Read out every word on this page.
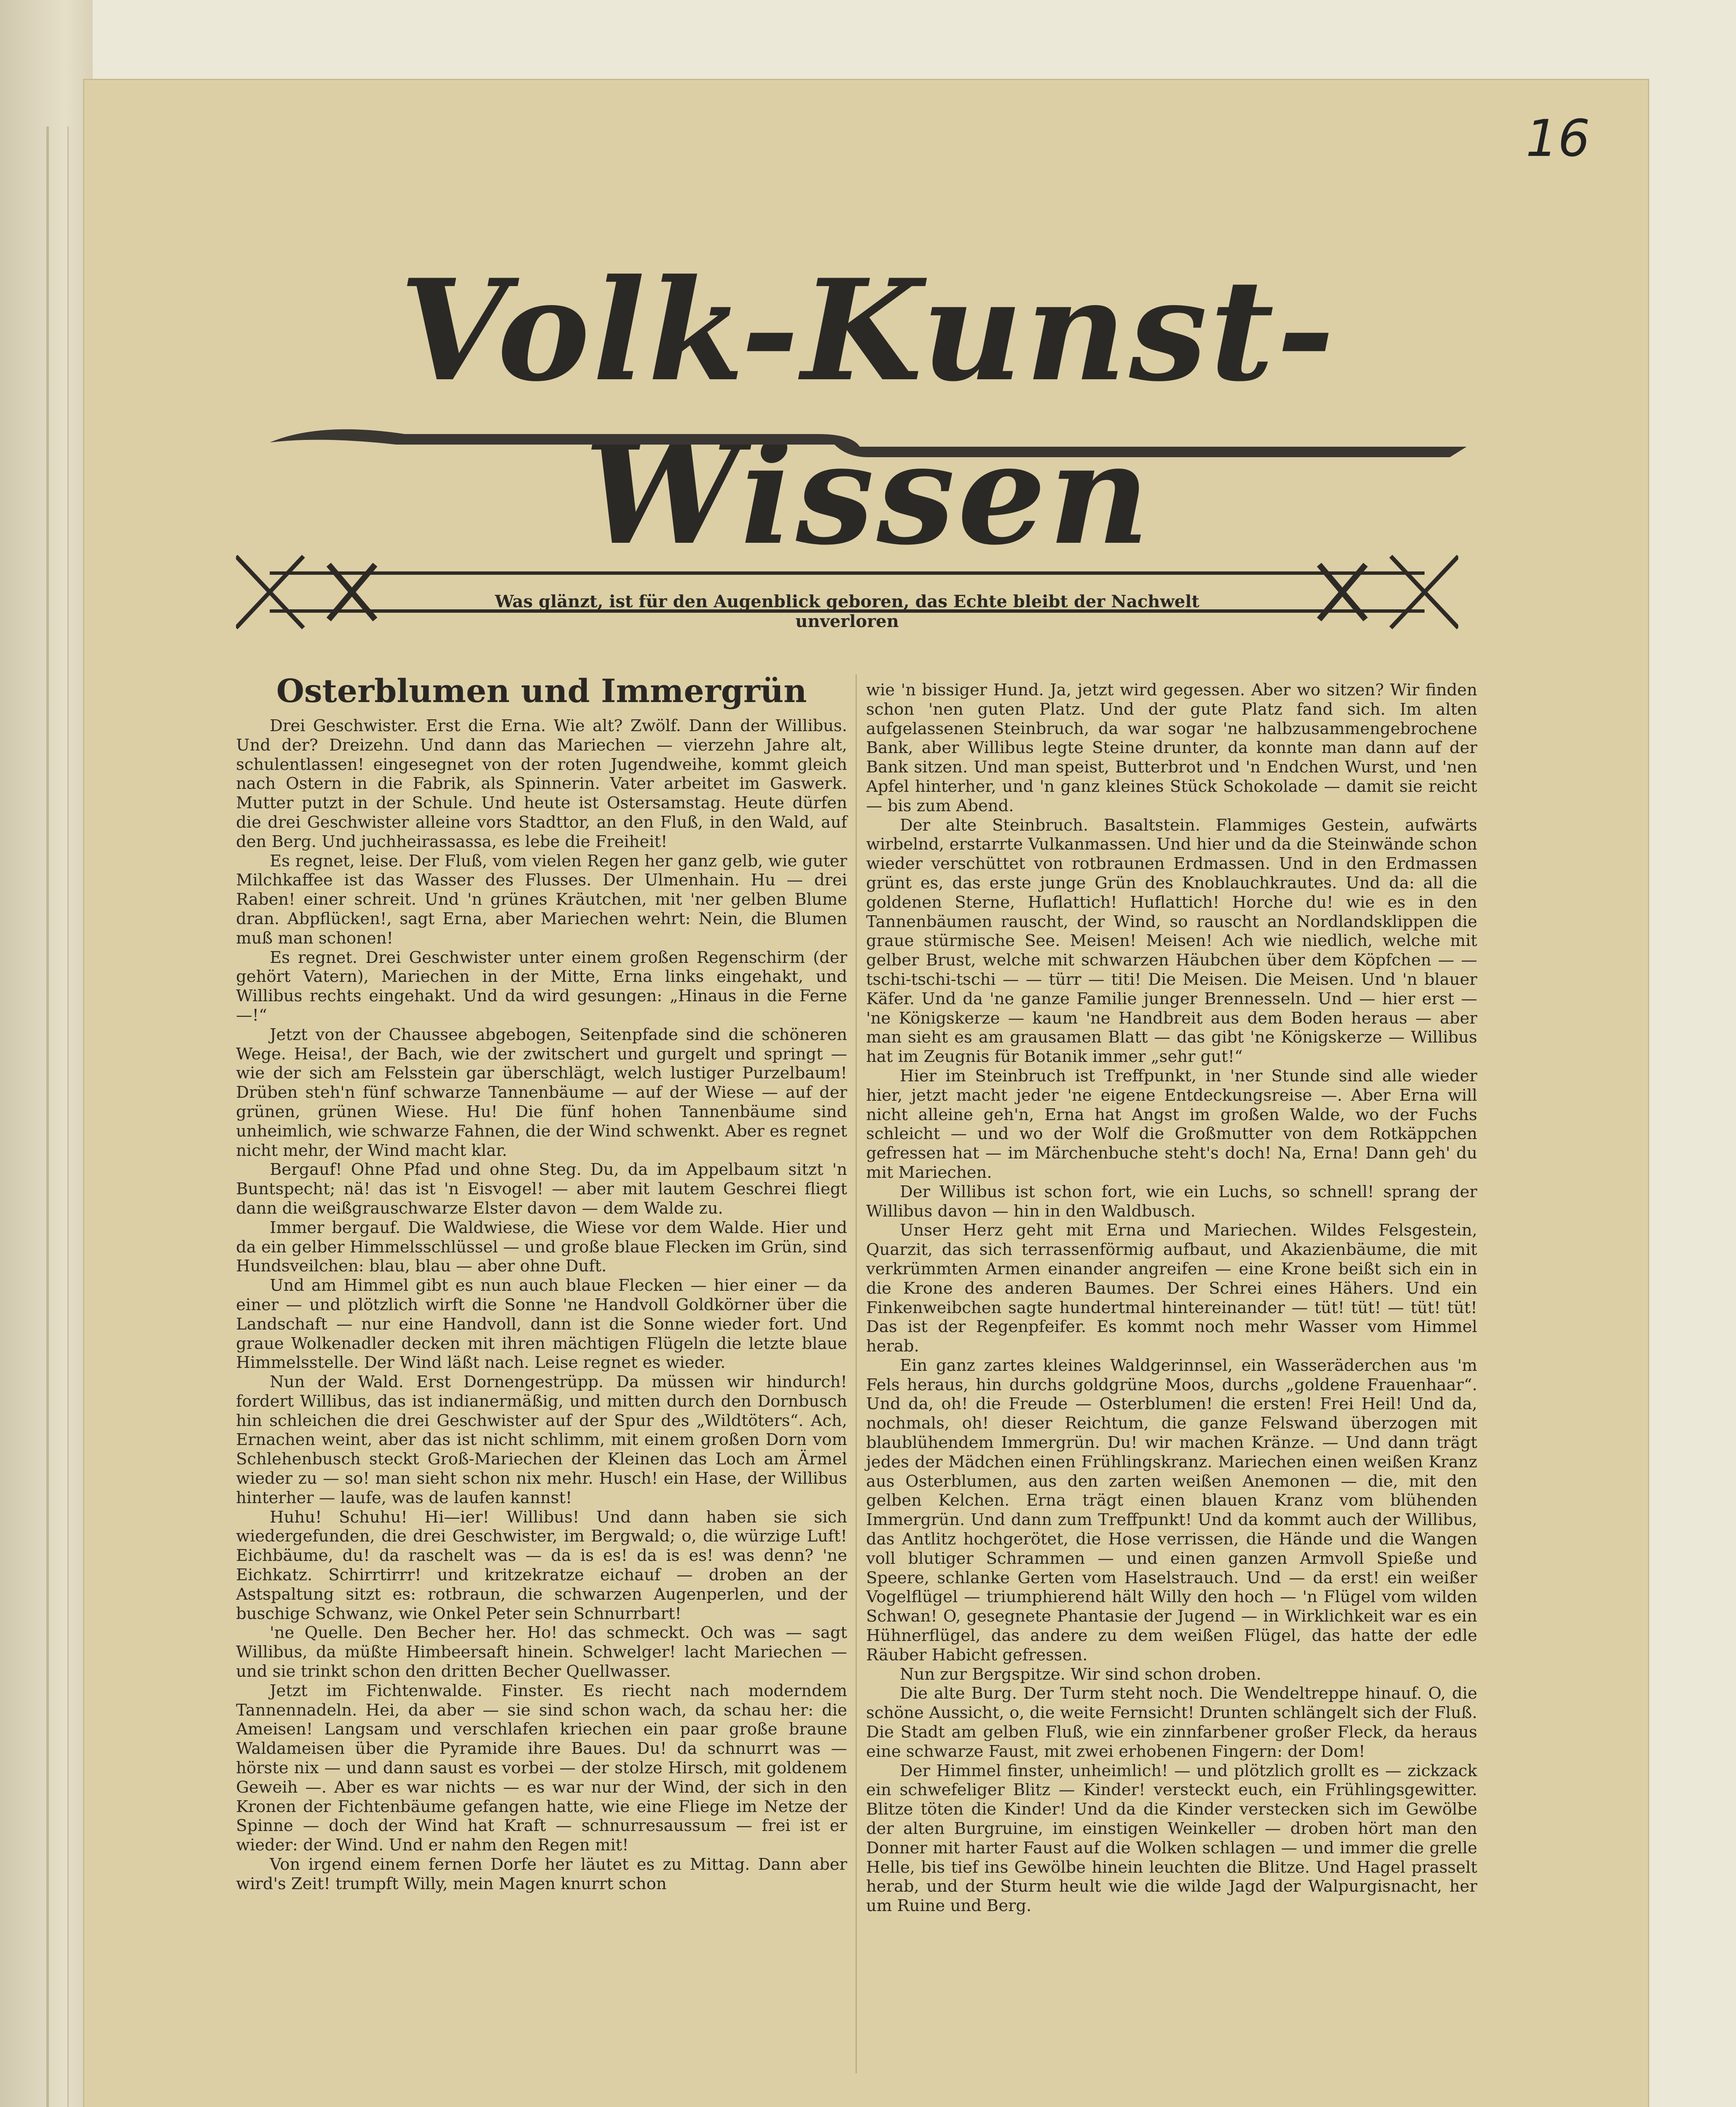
16
Volk-Kunst-Wissen
Was glänzt, ist für den Augenblick geboren, das Echte bleibt der Nachwelt unverloren
Osterblumen und Immergrün

Drei Geschwister. Erst die Erna. Wie alt? Zwölf. Dann der Willibus. Und der? Dreizehn. Und dann das Mariechen — vierzehn Jahre alt, schulentlassen! eingesegnet von der roten Jugendweihe, kommt gleich nach Ostern in die Fabrik, als Spinnerin. Vater arbeitet im Gaswerk. Mutter putzt in der Schule. Und heute ist Ostersamstag. Heute dürfen die drei Geschwister alleine vors Stadttor, an den Fluß, in den Wald, auf den Berg. Und juchheirassassa, es lebe die Freiheit!

Es regnet, leise. Der Fluß, vom vielen Regen her ganz gelb, wie guter Milchkaffee ist das Wasser des Flusses. Der Ulmenhain. Hu — drei Raben! einer schreit. Und 'n grünes Kräutchen, mit 'ner gelben Blume dran. Abpflücken!, sagt Erna, aber Mariechen wehrt: Nein, die Blumen muß man schonen!

Es regnet. Drei Geschwister unter einem großen Regenschirm (der gehört Vatern), Mariechen in der Mitte, Erna links eingehakt, und Willibus rechts eingehakt. Und da wird gesungen: „Hinaus in die Ferne —!“

Jetzt von der Chaussee abgebogen, Seitenpfade sind die schöneren Wege. Heisa!, der Bach, wie der zwitschert und gurgelt und springt — wie der sich am Felsstein gar überschlägt, welch lustiger Purzelbaum! Drüben steh'n fünf schwarze Tannenbäume — auf der Wiese — auf der grünen, grünen Wiese. Hu! Die fünf hohen Tannenbäume sind unheimlich, wie schwarze Fahnen, die der Wind schwenkt. Aber es regnet nicht mehr, der Wind macht klar.

Bergauf! Ohne Pfad und ohne Steg. Du, da im Appelbaum sitzt 'n Buntspecht; nä! das ist 'n Eisvogel! — aber mit lautem Geschrei fliegt dann die weißgrauschwarze Elster davon — dem Walde zu.

Immer bergauf. Die Waldwiese, die Wiese vor dem Walde. Hier und da ein gelber Himmelsschlüssel — und große blaue Flecken im Grün, sind Hundsveilchen: blau, blau — aber ohne Duft.

Und am Himmel gibt es nun auch blaue Flecken — hier einer — da einer — und plötzlich wirft die Sonne 'ne Handvoll Goldkörner über die Landschaft — nur eine Handvoll, dann ist die Sonne wieder fort. Und graue Wolkenadler decken mit ihren mächtigen Flügeln die letzte blaue Himmelsstelle. Der Wind läßt nach. Leise regnet es wieder.

Nun der Wald. Erst Dornengestrüpp. Da müssen wir hindurch! fordert Willibus, das ist indianermäßig, und mitten durch den Dornbusch hin schleichen die drei Geschwister auf der Spur des „Wildtöters“. Ach, Ernachen weint, aber das ist nicht schlimm, mit einem großen Dorn vom Schlehenbusch steckt Groß-Mariechen der Kleinen das Loch am Ärmel wieder zu — so! man sieht schon nix mehr. Husch! ein Hase, der Willibus hinterher — laufe, was de laufen kannst!

Huhu! Schuhu! Hi—ier! Willibus! Und dann haben sie sich wiedergefunden, die drei Geschwister, im Bergwald; o, die würzige Luft! Eichbäume, du! da raschelt was — da is es! da is es! was denn? 'ne Eichkatz. Schirrtirrr! und kritzekratze eichauf — droben an der Astspaltung sitzt es: rotbraun, die schwarzen Augenperlen, und der buschige Schwanz, wie Onkel Peter sein Schnurrbart!

'ne Quelle. Den Becher her. Ho! das schmeckt. Och was — sagt Willibus, da müßte Himbeersaft hinein. Schwelger! lacht Mariechen — und sie trinkt schon den dritten Becher Quellwasser.

Jetzt im Fichtenwalde. Finster. Es riecht nach moderndem Tannennadeln. Hei, da aber — sie sind schon wach, da schau her: die Ameisen! Langsam und verschlafen kriechen ein paar große braune Waldameisen über die Pyramide ihre Baues. Du! da schnurrt was — hörste nix — und dann saust es vorbei — der stolze Hirsch, mit goldenem Geweih —. Aber es war nichts — es war nur der Wind, der sich in den Kronen der Fichtenbäume gefangen hatte, wie eine Fliege im Netze der Spinne — doch der Wind hat Kraft — schnurresaussum — frei ist er wieder: der Wind. Und er nahm den Regen mit!

Von irgend einem fernen Dorfe her läutet es zu Mittag. Dann aber wird's Zeit! trumpft Willy, mein Magen knurrt schon

wie 'n bissiger Hund. Ja, jetzt wird gegessen. Aber wo sitzen? Wir finden schon 'nen guten Platz. Und der gute Platz fand sich. Im alten aufgelassenen Steinbruch, da war sogar 'ne halbzusammengebrochene Bank, aber Willibus legte Steine drunter, da konnte man dann auf der Bank sitzen. Und man speist, Butterbrot und 'n Endchen Wurst, und 'nen Apfel hinterher, und 'n ganz kleines Stück Schokolade — damit sie reicht — bis zum Abend.

Der alte Steinbruch. Basaltstein. Flammiges Gestein, aufwärts wirbelnd, erstarrte Vulkanmassen. Und hier und da die Steinwände schon wieder verschüttet von rotbraunen Erdmassen. Und in den Erdmassen grünt es, das erste junge Grün des Knoblauchkrautes. Und da: all die goldenen Sterne, Huflattich! Huflattich! Horche du! wie es in den Tannenbäumen rauscht, der Wind, so rauscht an Nordlandsklippen die graue stürmische See. Meisen! Meisen! Ach wie niedlich, welche mit gelber Brust, welche mit schwarzen Häubchen über dem Köpfchen — — tschi-tschi-tschi — — türr — titi! Die Meisen. Die Meisen. Und 'n blauer Käfer. Und da 'ne ganze Familie junger Brennesseln. Und — hier erst — 'ne Königskerze — kaum 'ne Handbreit aus dem Boden heraus — aber man sieht es am grausamen Blatt — das gibt 'ne Königskerze — Willibus hat im Zeugnis für Botanik immer „sehr gut!“

Hier im Steinbruch ist Treffpunkt, in 'ner Stunde sind alle wieder hier, jetzt macht jeder 'ne eigene Entdeckungsreise —. Aber Erna will nicht alleine geh'n, Erna hat Angst im großen Walde, wo der Fuchs schleicht — und wo der Wolf die Großmutter von dem Rotkäppchen gefressen hat — im Märchenbuche steht's doch! Na, Erna! Dann geh' du mit Mariechen.

Der Willibus ist schon fort, wie ein Luchs, so schnell! sprang der Willibus davon — hin in den Waldbusch.

Unser Herz geht mit Erna und Mariechen. Wildes Felsgestein, Quarzit, das sich terrassenförmig aufbaut, und Akazienbäume, die mit verkrümmten Armen einander angreifen — eine Krone beißt sich ein in die Krone des anderen Baumes. Der Schrei eines Hähers. Und ein Finkenweibchen sagte hundertmal hintereinander — tüt! tüt! — tüt! tüt! Das ist der Regenpfeifer. Es kommt noch mehr Wasser vom Himmel herab.

Ein ganz zartes kleines Waldgerinnsel, ein Wasseräderchen aus 'm Fels heraus, hin durchs goldgrüne Moos, durchs „goldene Frauenhaar“. Und da, oh! die Freude — Osterblumen! die ersten! Frei Heil! Und da, nochmals, oh! dieser Reichtum, die ganze Felswand überzogen mit blaublühendem Immergrün. Du! wir machen Kränze. — Und dann trägt jedes der Mädchen einen Frühlingskranz. Mariechen einen weißen Kranz aus Osterblumen, aus den zarten weißen Anemonen — die, mit den gelben Kelchen. Erna trägt einen blauen Kranz vom blühenden Immergrün. Und dann zum Treffpunkt! Und da kommt auch der Willibus, das Antlitz hochgerötet, die Hose verrissen, die Hände und die Wangen voll blutiger Schrammen — und einen ganzen Armvoll Spieße und Speere, schlanke Gerten vom Haselstrauch. Und — da erst! ein weißer Vogelflügel — triumphierend hält Willy den hoch — 'n Flügel vom wilden Schwan! O, gesegnete Phantasie der Jugend — in Wirklichkeit war es ein Hühnerflügel, das andere zu dem weißen Flügel, das hatte der edle Räuber Habicht gefressen.

Nun zur Bergspitze. Wir sind schon droben.

Die alte Burg. Der Turm steht noch. Die Wendeltreppe hinauf. O, die schöne Aussicht, o, die weite Fernsicht! Drunten schlängelt sich der Fluß. Die Stadt am gelben Fluß, wie ein zinnfarbener großer Fleck, da heraus eine schwarze Faust, mit zwei erhobenen Fingern: der Dom!

Der Himmel finster, unheimlich! — und plötzlich grollt es — zickzack ein schwefeliger Blitz — Kinder! versteckt euch, ein Frühlingsgewitter. Blitze töten die Kinder! Und da die Kinder verstecken sich im Gewölbe der alten Burgruine, im einstigen Weinkeller — droben hört man den Donner mit harter Faust auf die Wolken schlagen — und immer die grelle Helle, bis tief ins Gewölbe hinein leuchten die Blitze. Und Hagel prasselt herab, und der Sturm heult wie die wilde Jagd der Walpurgisnacht, her um Ruine und Berg.
